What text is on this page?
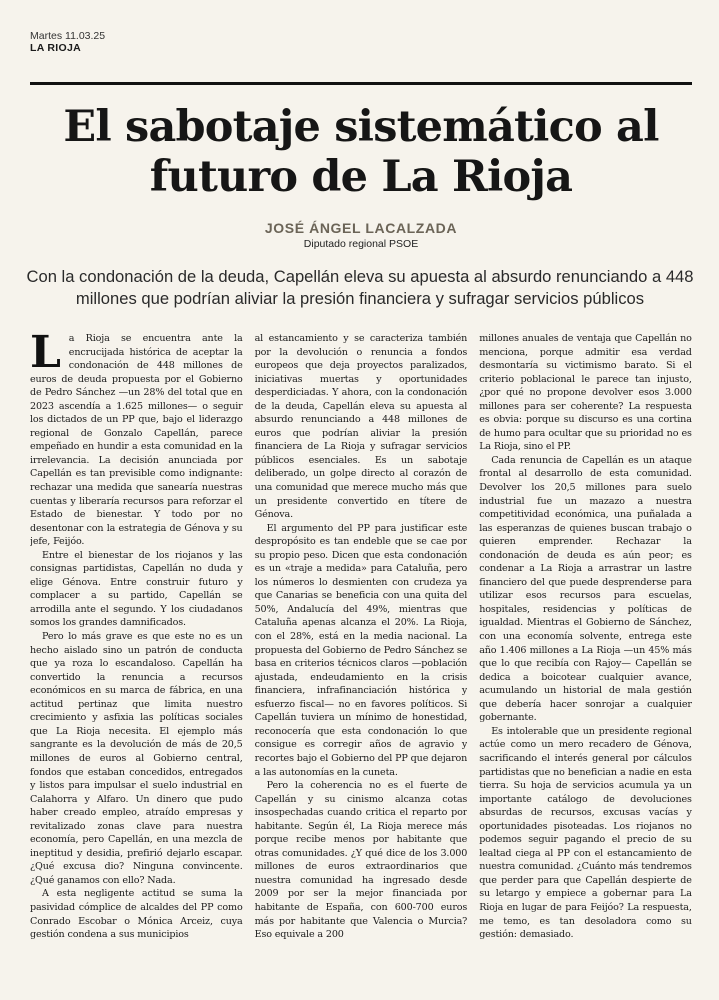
Martes 11.03.25
LA RIOJA
El sabotaje sistemático al
futuro de La Rioja
JOSÉ ÁNGEL LACALZADA
Diputado regional PSOE

Con la condonación de la deuda, Capellán eleva su apuesta al absurdo renunciando a 448 millones que podrían aliviar la presión financiera y sufragar servicios públicos

La Rioja se encuentra ante la encrucijada histórica de aceptar la condonación de 448 millones de euros de deuda propuesta por el Gobierno de Pedro Sánchez —un 28% del total que en 2023 ascendía a 1.625 millones— o seguir los dictados de un PP que, bajo el liderazgo regional de Gonzalo Capellán, parece empeñado en hundir a esta comunidad en la irrelevancia. La decisión anunciada por Capellán es tan previsible como indignante: rechazar una medida que sanearía nuestras cuentas y liberaría recursos para reforzar el Estado de bienestar. Y todo por no desentonar con la estrategia de Génova y su jefe, Feijóo.

Entre el bienestar de los riojanos y las consignas partidistas, Capellán no duda y elige Génova. Entre construir futuro y complacer a su partido, Capellán se arrodilla ante el segundo. Y los ciudadanos somos los grandes damnificados.

Pero lo más grave es que este no es un hecho aislado sino un patrón de conducta que ya roza lo escandaloso. Capellán ha convertido la renuncia a recursos económicos en su marca de fábrica, en una actitud pertinaz que limita nuestro crecimiento y asfixia las políticas sociales que La Rioja necesita. El ejemplo más sangrante es la devolución de más de 20,5 millones de euros al Gobierno central, fondos que estaban concedidos, entregados y listos para impulsar el suelo industrial en Calahorra y Alfaro. Un dinero que pudo haber creado empleo, atraído empresas y revitalizado zonas clave para nuestra economía, pero Capellán, en una mezcla de ineptitud y desidia, prefirió dejarlo escapar. ¿Qué excusa dio? Ninguna convincente. ¿Qué ganamos con ello? Nada.

A esta negligente actitud se suma la pasividad cómplice de alcaldes del PP como Conrado Escobar o Mónica Arceiz, cuya gestión condena a sus municipios

al estancamiento y se caracteriza también por la devolución o renuncia a fondos europeos que deja proyectos paralizados, iniciativas muertas y oportunidades desperdiciadas. Y ahora, con la condonación de la deuda, Capellán eleva su apuesta al absurdo renunciando a 448 millones de euros que podrían aliviar la presión financiera de La Rioja y sufragar servicios públicos esenciales. Es un sabotaje deliberado, un golpe directo al corazón de una comunidad que merece mucho más que un presidente convertido en títere de Génova.

El argumento del PP para justificar este despropósito es tan endeble que se cae por su propio peso. Dicen que esta condonación es un «traje a medida» para Cataluña, pero los números lo desmienten con crudeza ya que Canarias se beneficia con una quita del 50%, Andalucía del 49%, mientras que Cataluña apenas alcanza el 20%. La Rioja, con el 28%, está en la media nacional. La propuesta del Gobierno de Pedro Sánchez se basa en criterios técnicos claros —población ajustada, endeudamiento en la crisis financiera, infrafinanciación histórica y esfuerzo fiscal— no en favores políticos. Si Capellán tuviera un mínimo de honestidad, reconocería que esta condonación lo que consigue es corregir años de agravio y recortes bajo el Gobierno del PP que dejaron a las autonomías en la cuneta.

Pero la coherencia no es el fuerte de Capellán y su cinismo alcanza cotas insospechadas cuando critica el reparto por habitante. Según él, La Rioja merece más porque recibe menos por habitante que otras comunidades. ¿Y qué dice de los 3.000 millones de euros extraordinarios que nuestra comunidad ha ingresado desde 2009 por ser la mejor financiada por habitante de España, con 600-700 euros más por habitante que Valencia o Murcia? Eso equivale a 200

millones anuales de ventaja que Capellán no menciona, porque admitir esa verdad desmontaría su victimismo barato. Si el criterio poblacional le parece tan injusto, ¿por qué no propone devolver esos 3.000 millones para ser coherente? La respuesta es obvia: porque su discurso es una cortina de humo para ocultar que su prioridad no es La Rioja, sino el PP.

Cada renuncia de Capellán es un ataque frontal al desarrollo de esta comunidad. Devolver los 20,5 millones para suelo industrial fue un mazazo a nuestra competitividad económica, una puñalada a las esperanzas de quienes buscan trabajo o quieren emprender. Rechazar la condonación de deuda es aún peor; es condenar a La Rioja a arrastrar un lastre financiero del que puede desprenderse para utilizar esos recursos para escuelas, hospitales, residencias y políticas de igualdad. Mientras el Gobierno de Sánchez, con una economía solvente, entrega este año 1.406 millones a La Rioja —un 45% más que lo que recibía con Rajoy— Capellán se dedica a boicotear cualquier avance, acumulando un historial de mala gestión que debería hacer sonrojar a cualquier gobernante.

Es intolerable que un presidente regional actúe como un mero recadero de Génova, sacrificando el interés general por cálculos partidistas que no benefician a nadie en esta tierra. Su hoja de servicios acumula ya un importante catálogo de devoluciones absurdas de recursos, excusas vacías y oportunidades pisoteadas. Los riojanos no podemos seguir pagando el precio de su lealtad ciega al PP con el estancamiento de nuestra comunidad. ¿Cuánto más tendremos que perder para que Capellán despierte de su letargo y empiece a gobernar para La Rioja en lugar de para Feijóo? La respuesta, me temo, es tan desoladora como su gestión: demasiado.
